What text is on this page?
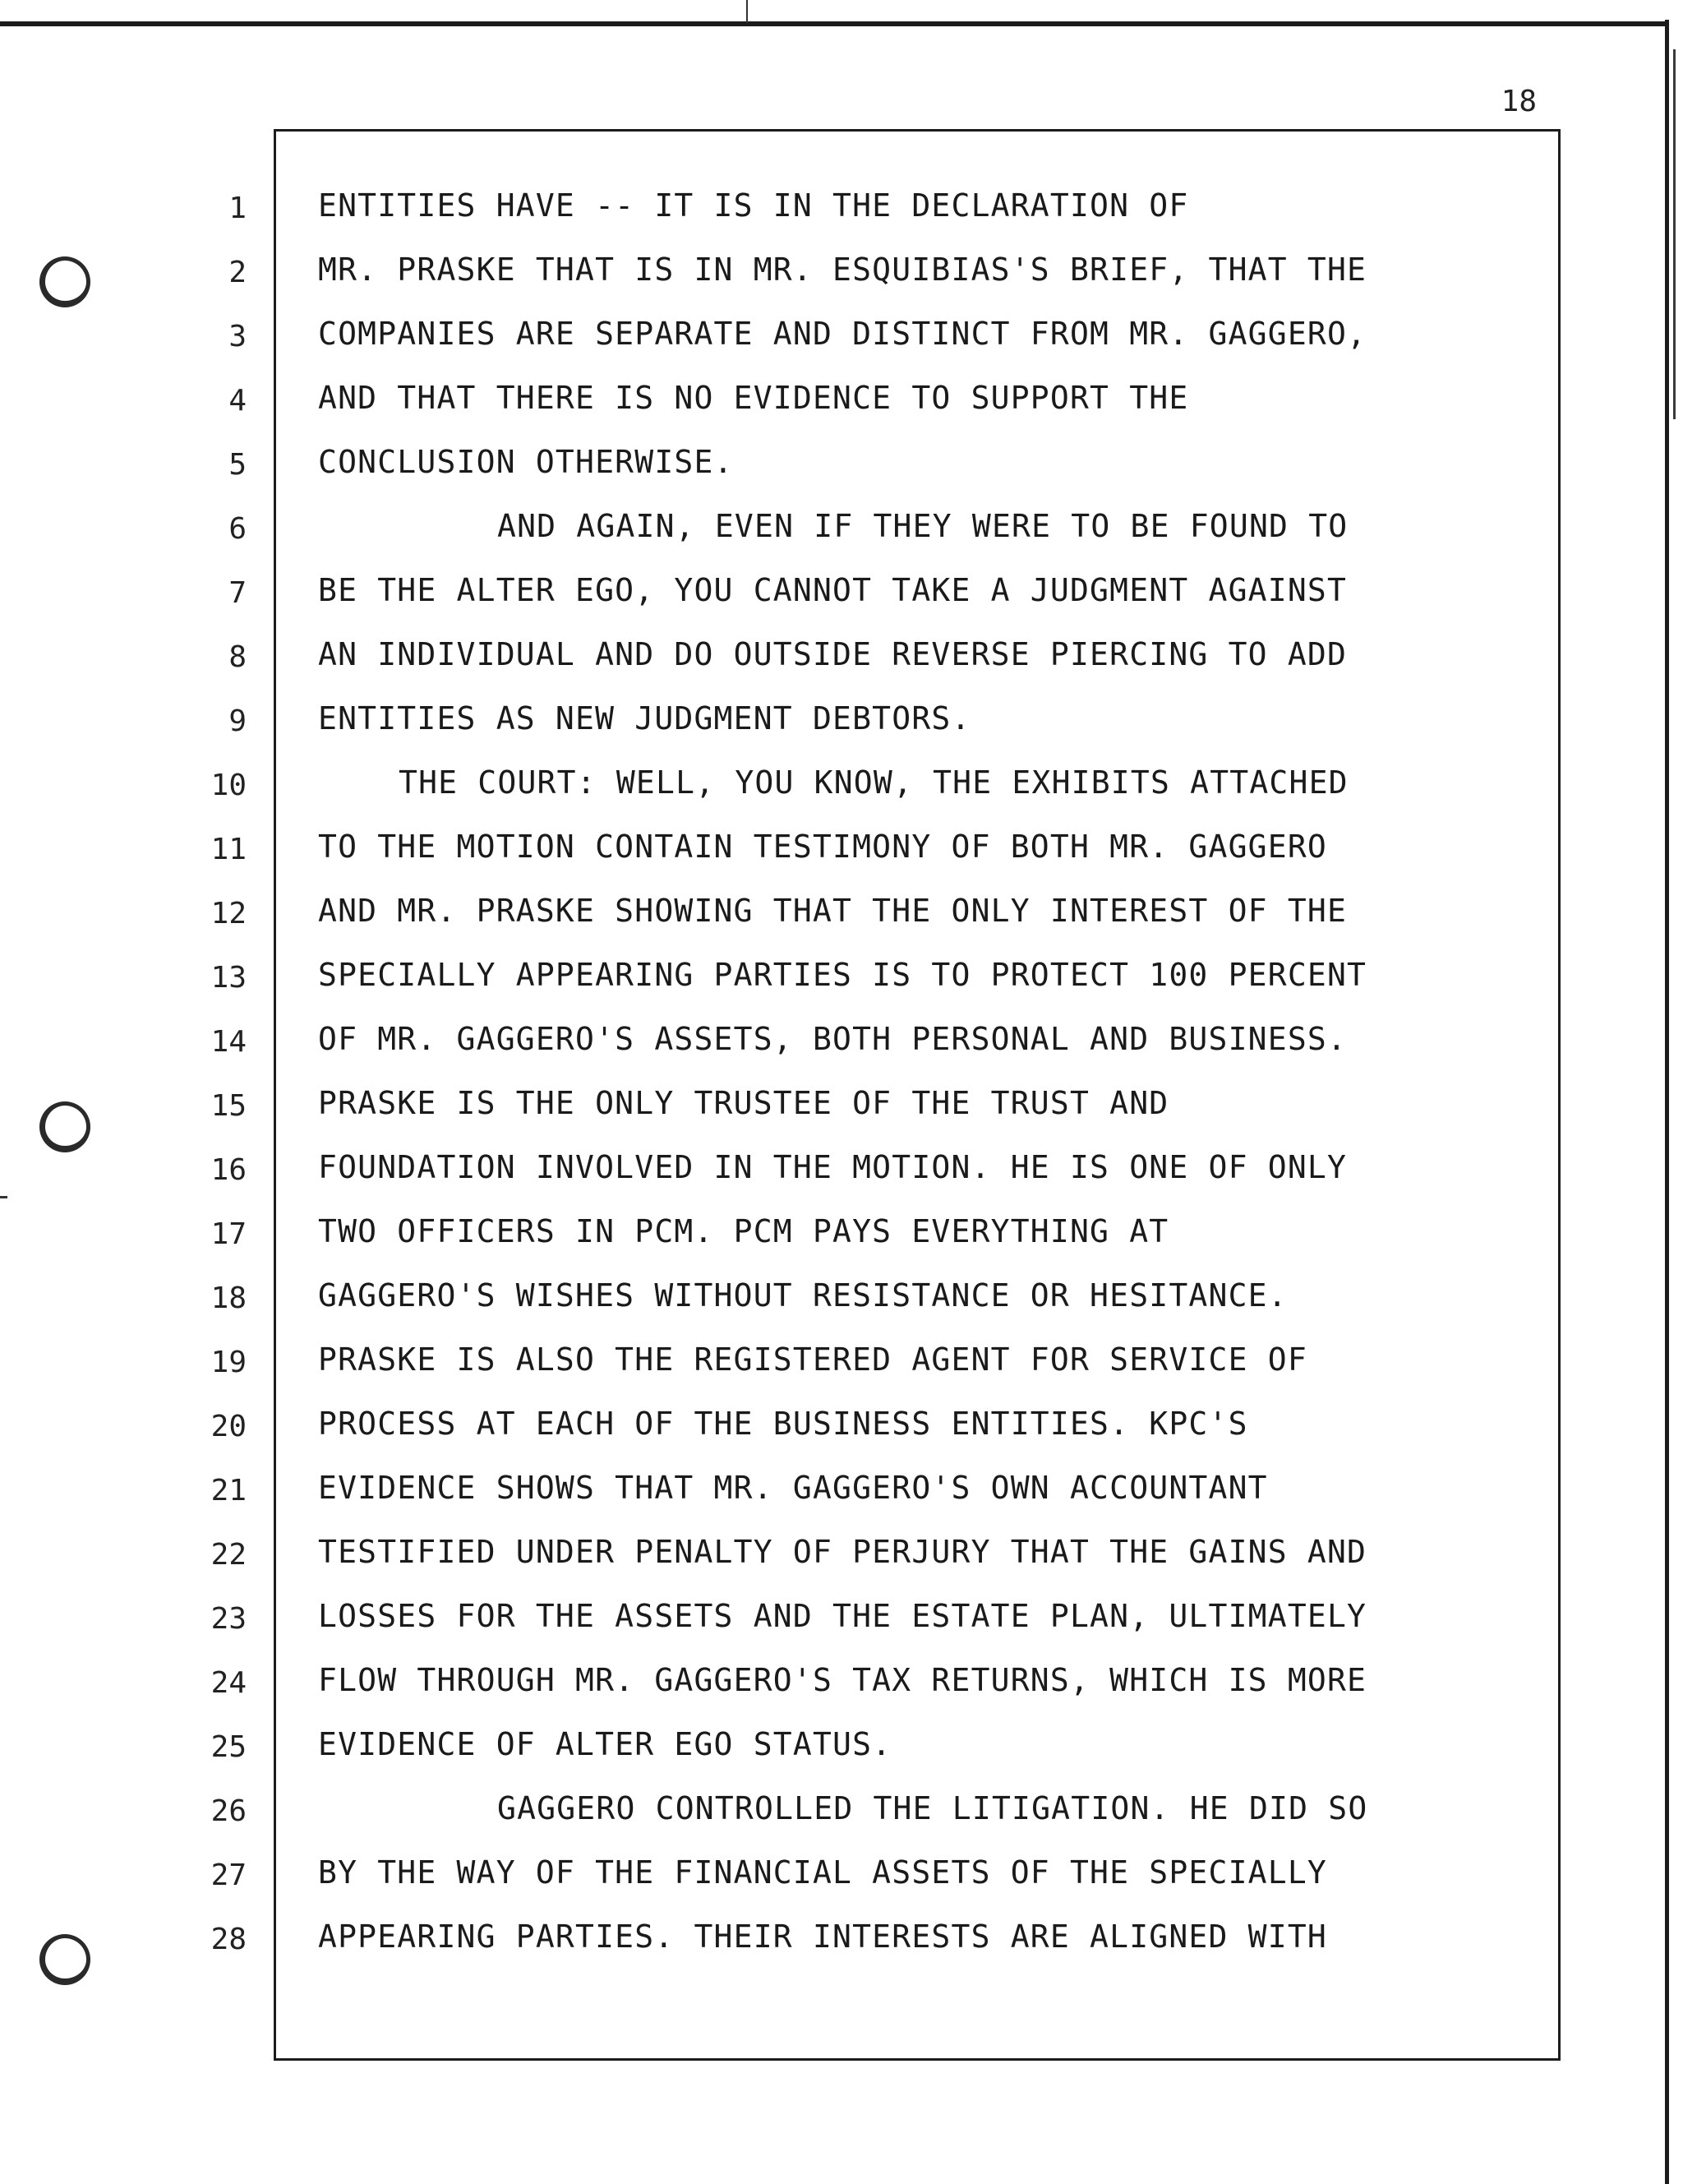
18
1
2
3
4
5
6
7
8
9
10
11
12
13
14
15
16
17
18
19
20
21
22
23
24
25
26
27
28
ENTITIES HAVE -- IT IS IN THE DECLARATION OF
MR. PRASKE THAT IS IN MR. ESQUIBIAS'S BRIEF, THAT THE
COMPANIES ARE SEPARATE AND DISTINCT FROM MR. GAGGERO,
AND THAT THERE IS NO EVIDENCE TO SUPPORT THE
CONCLUSION OTHERWISE.
AND AGAIN, EVEN IF THEY WERE TO BE FOUND TO
BE THE ALTER EGO, YOU CANNOT TAKE A JUDGMENT AGAINST
AN INDIVIDUAL AND DO OUTSIDE REVERSE PIERCING TO ADD
ENTITIES AS NEW JUDGMENT DEBTORS.
THE COURT: WELL, YOU KNOW, THE EXHIBITS ATTACHED
TO THE MOTION CONTAIN TESTIMONY OF BOTH MR. GAGGERO
AND MR. PRASKE SHOWING THAT THE ONLY INTEREST OF THE
SPECIALLY APPEARING PARTIES IS TO PROTECT 100 PERCENT
OF MR. GAGGERO'S ASSETS, BOTH PERSONAL AND BUSINESS.
PRASKE IS THE ONLY TRUSTEE OF THE TRUST AND
FOUNDATION INVOLVED IN THE MOTION. HE IS ONE OF ONLY
TWO OFFICERS IN PCM. PCM PAYS EVERYTHING AT
GAGGERO'S WISHES WITHOUT RESISTANCE OR HESITANCE.
PRASKE IS ALSO THE REGISTERED AGENT FOR SERVICE OF
PROCESS AT EACH OF THE BUSINESS ENTITIES. KPC'S
EVIDENCE SHOWS THAT MR. GAGGERO'S OWN ACCOUNTANT
TESTIFIED UNDER PENALTY OF PERJURY THAT THE GAINS AND
LOSSES FOR THE ASSETS AND THE ESTATE PLAN, ULTIMATELY
FLOW THROUGH MR. GAGGERO'S TAX RETURNS, WHICH IS MORE
EVIDENCE OF ALTER EGO STATUS.
GAGGERO CONTROLLED THE LITIGATION. HE DID SO
BY THE WAY OF THE FINANCIAL ASSETS OF THE SPECIALLY
APPEARING PARTIES. THEIR INTERESTS ARE ALIGNED WITH
